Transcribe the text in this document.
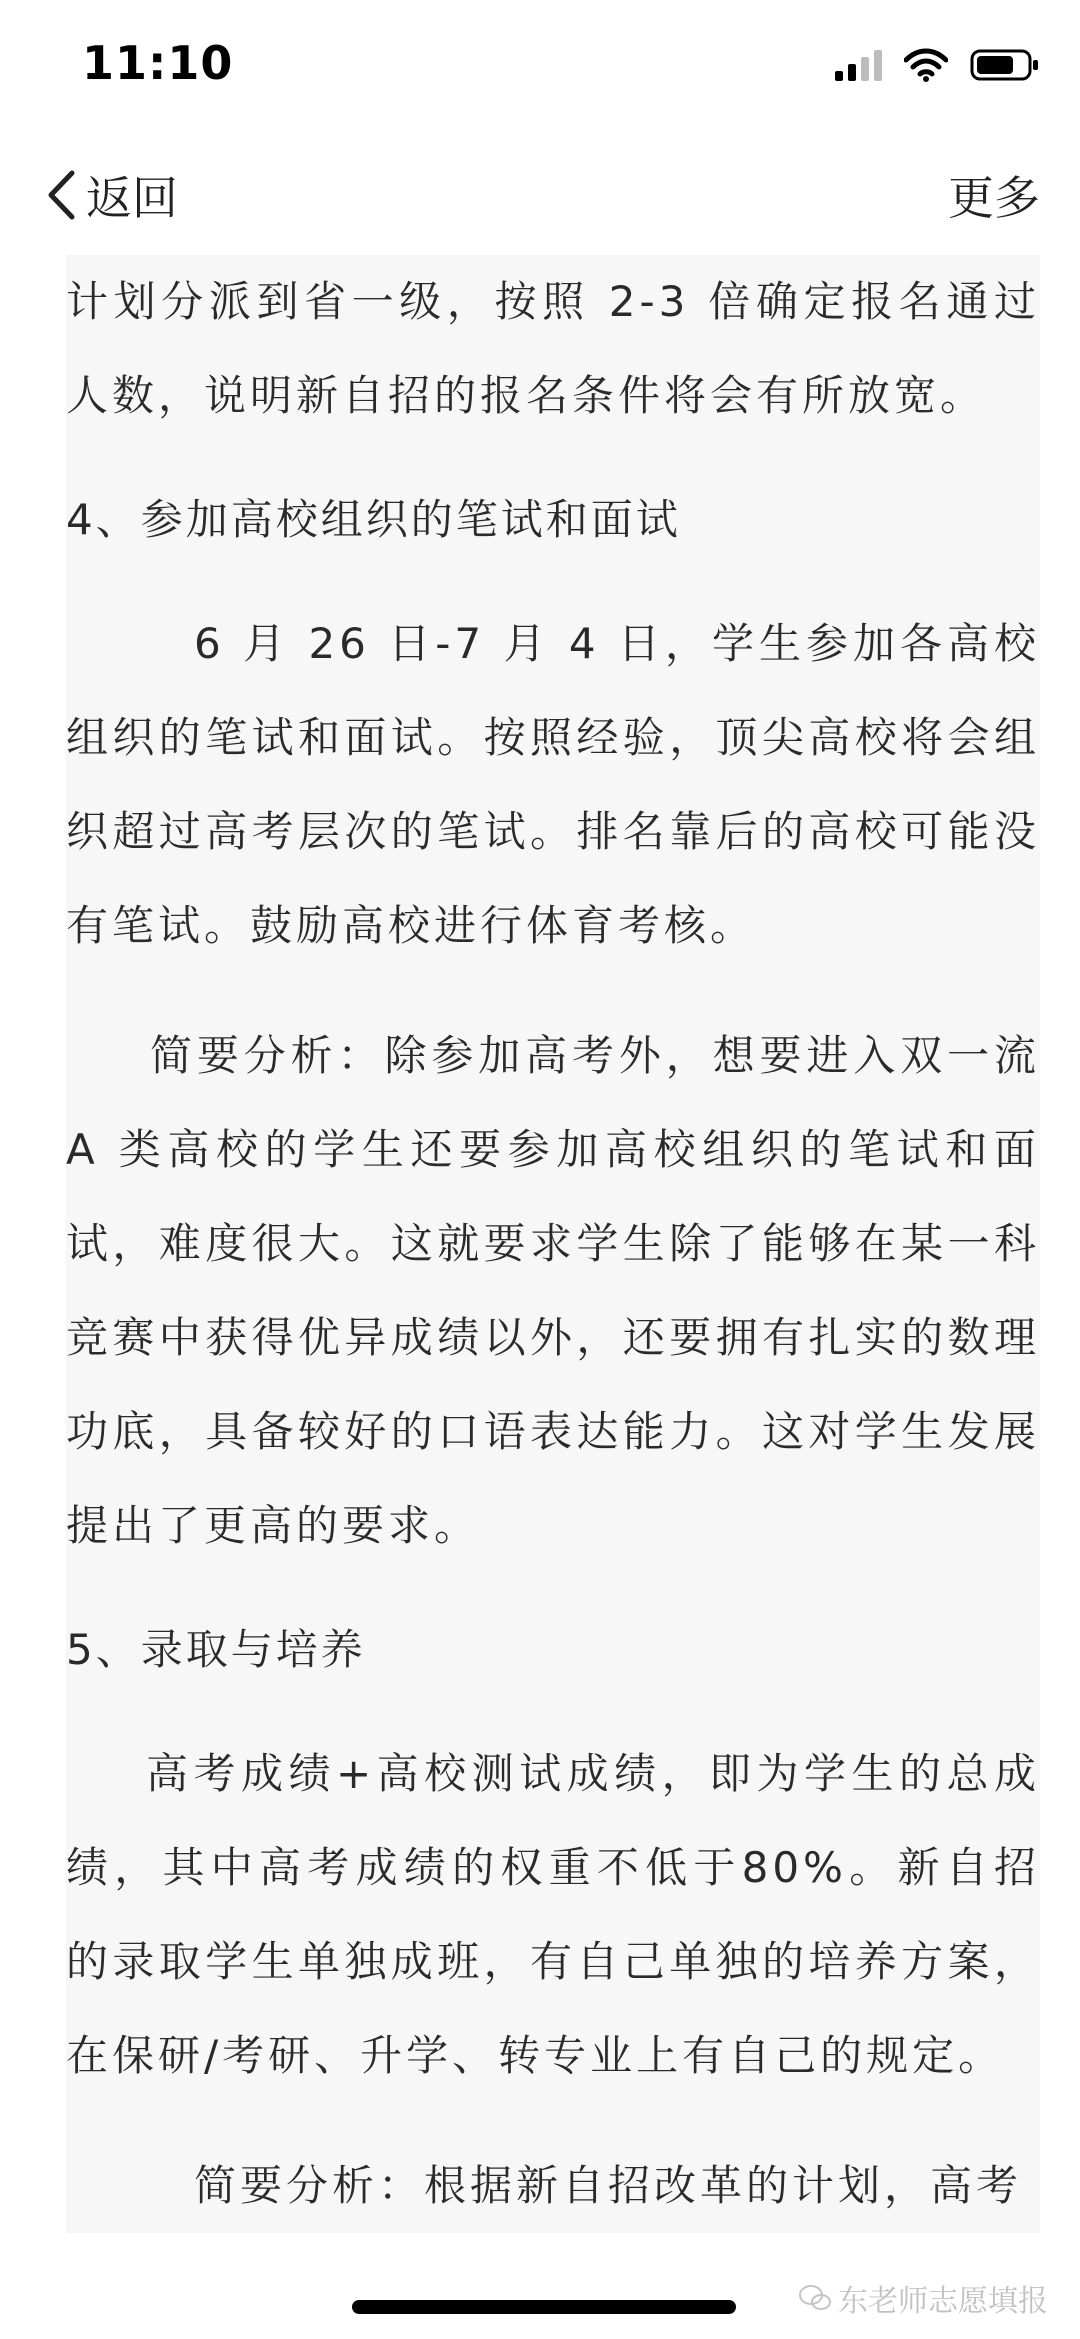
11:10
返回	更多

计划分派到省一级，按照 2-3 倍确定报名通过人数，说明新自招的报名条件将会有所放宽。

4、参加高校组织的笔试和面试

6 月 26 日-7 月 4 日，学生参加各高校组织的笔试和面试。按照经验，顶尖高校将会组织超过高考层次的笔试。排名靠后的高校可能没有笔试。鼓励高校进行体育考核。

简要分析：除参加高考外，想要进入双一流 A 类高校的学生还要参加高校组织的笔试和面试，难度很大。这就要求学生除了能够在某一科竞赛中获得优异成绩以外，还要拥有扎实的数理功底，具备较好的口语表达能力。这对学生发展提出了更高的要求。

5、录取与培养

高考成绩+高校测试成绩，即为学生的总成绩，其中高考成绩的权重不低于80%。新自招的录取学生单独成班，有自己单独的培养方案，在保研/考研、升学、转专业上有自己的规定。

简要分析：根据新自招改革的计划，高考

东老师志愿填报
